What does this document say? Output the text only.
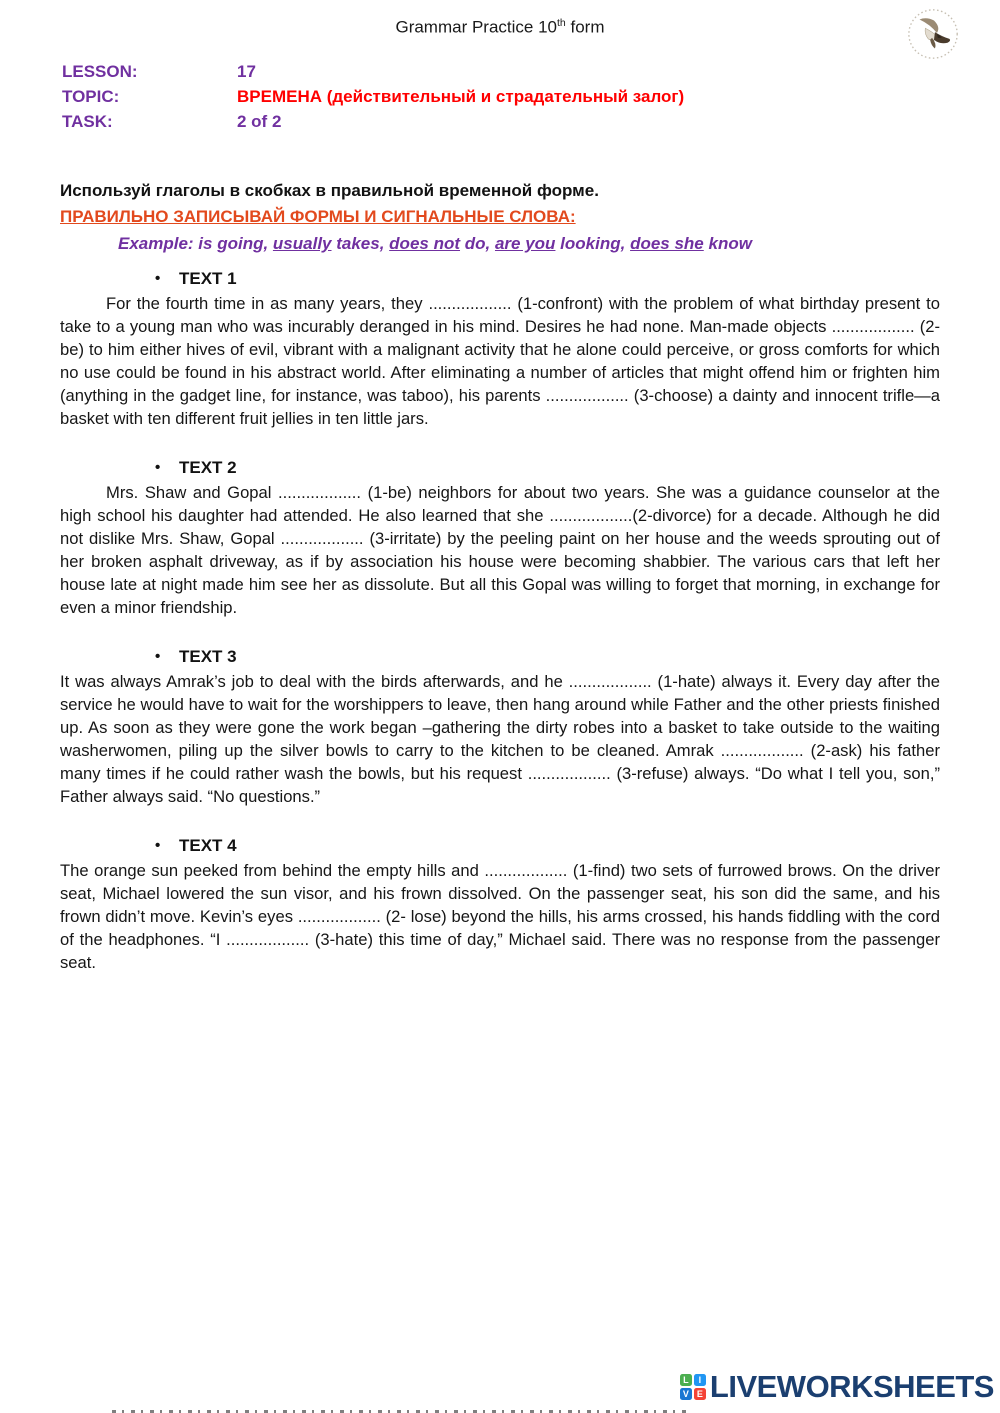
Grammar Practice 10th form
LESSON:	17
TOPIC:	ВРЕМЕНА (действительный и страдательный залог)
TASK:	2 of 2
Используй глаголы в скобках в правильной временной форме.
ПРАВИЛЬНО ЗАПИСЫВАЙ ФОРМЫ И СИГНАЛЬНЫЕ СЛОВА:
Example: is going, usually takes, does not do, are you looking, does she know
•	TEXT 1

For the fourth time in as many years, they .................. (1-confront) with the problem of what birthday present to take to a young man who was incurably deranged in his mind. Desires he had none. Man-made objects .................. (2-be) to him either hives of evil, vibrant with a malignant activity that he alone could perceive, or gross comforts for which no use could be found in his abstract world. After eliminating a number of articles that might offend him or frighten him (anything in the gadget line, for instance, was taboo), his parents .................. (3-choose) a dainty and innocent trifle—a basket with ten different fruit jellies in ten little jars.

•	TEXT 2

Mrs. Shaw and Gopal .................. (1-be) neighbors for about two years. She was a guidance counselor at the high school his daughter had attended. He also learned that she ..................(2-divorce) for a decade. Although he did not dislike Mrs. Shaw, Gopal .................. (3-irritate) by the peeling paint on her house and the weeds sprouting out of her broken asphalt driveway, as if by association his house were becoming shabbier. The various cars that left her house late at night made him see her as dissolute. But all this Gopal was willing to forget that morning, in exchange for even a minor friendship.

•	TEXT 3

It was always Amrak’s job to deal with the birds afterwards, and he .................. (1-hate) always it. Every day after the service he would have to wait for the worshippers to leave, then hang around while Father and the other priests finished up. As soon as they were gone the work began –gathering the dirty robes into a basket to take outside to the waiting washerwomen, piling up the silver bowls to carry to the kitchen to be cleaned. Amrak .................. (2-ask) his father many times if he could rather wash the bowls, but his request .................. (3-refuse) always. “Do what I tell you, son,” Father always said. “No questions.”

•	TEXT 4

The orange sun peeked from behind the empty hills and .................. (1-find) two sets of furrowed brows. On the driver seat, Michael lowered the sun visor, and his frown dissolved. On the passenger seat, his son did the same, and his frown didn’t move. Kevin’s eyes .................. (2- lose) beyond the hills, his arms crossed, his hands fiddling with the cord of the headphones. “I .................. (3-hate) this time of day,” Michael said. There was no response from the passenger seat.

L	I
V E LIVEWORKSHEETS
